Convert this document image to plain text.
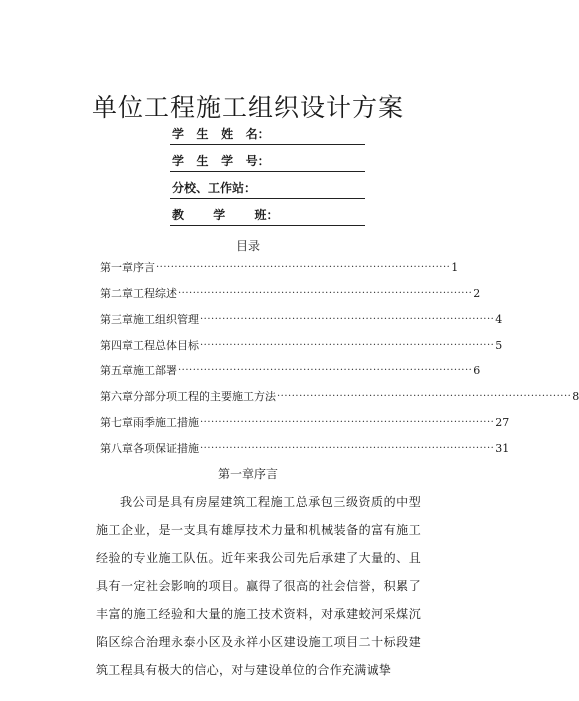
单位工程施工组织设计方案
学   生   姓   名：
学   生   学   号：
分校、工作站：
教       学       班：
目录
第一章序言 ················································································ 1
第二章工程综述 ················································································ 2
第三章施工组织管理 ················································································ 4
第四章工程总体目标 ················································································ 5
第五章施工部署 ················································································ 6
第六章分部分项工程的主要施工方法 ················································································ 8
第七章雨季施工措施 ················································································ 27
第八章各项保证措施 ················································································ 31
第一章序言
我公司是具有房屋建筑工程施工总承包三级资质的中型施工企业，是一支具有雄厚技术力量和机械装备的富有施工经验的专业施工队伍。近年来我公司先后承建了大量的、且具有一定社会影响的项目。赢得了很高的社会信誉，积累了丰富的施工经验和大量的施工技术资料，对承建蛟河采煤沉陷区综合治理永泰小区及永祥小区建设施工项目二十标段建筑工程具有极大的信心，对与建设单位的合作充满诚挚
